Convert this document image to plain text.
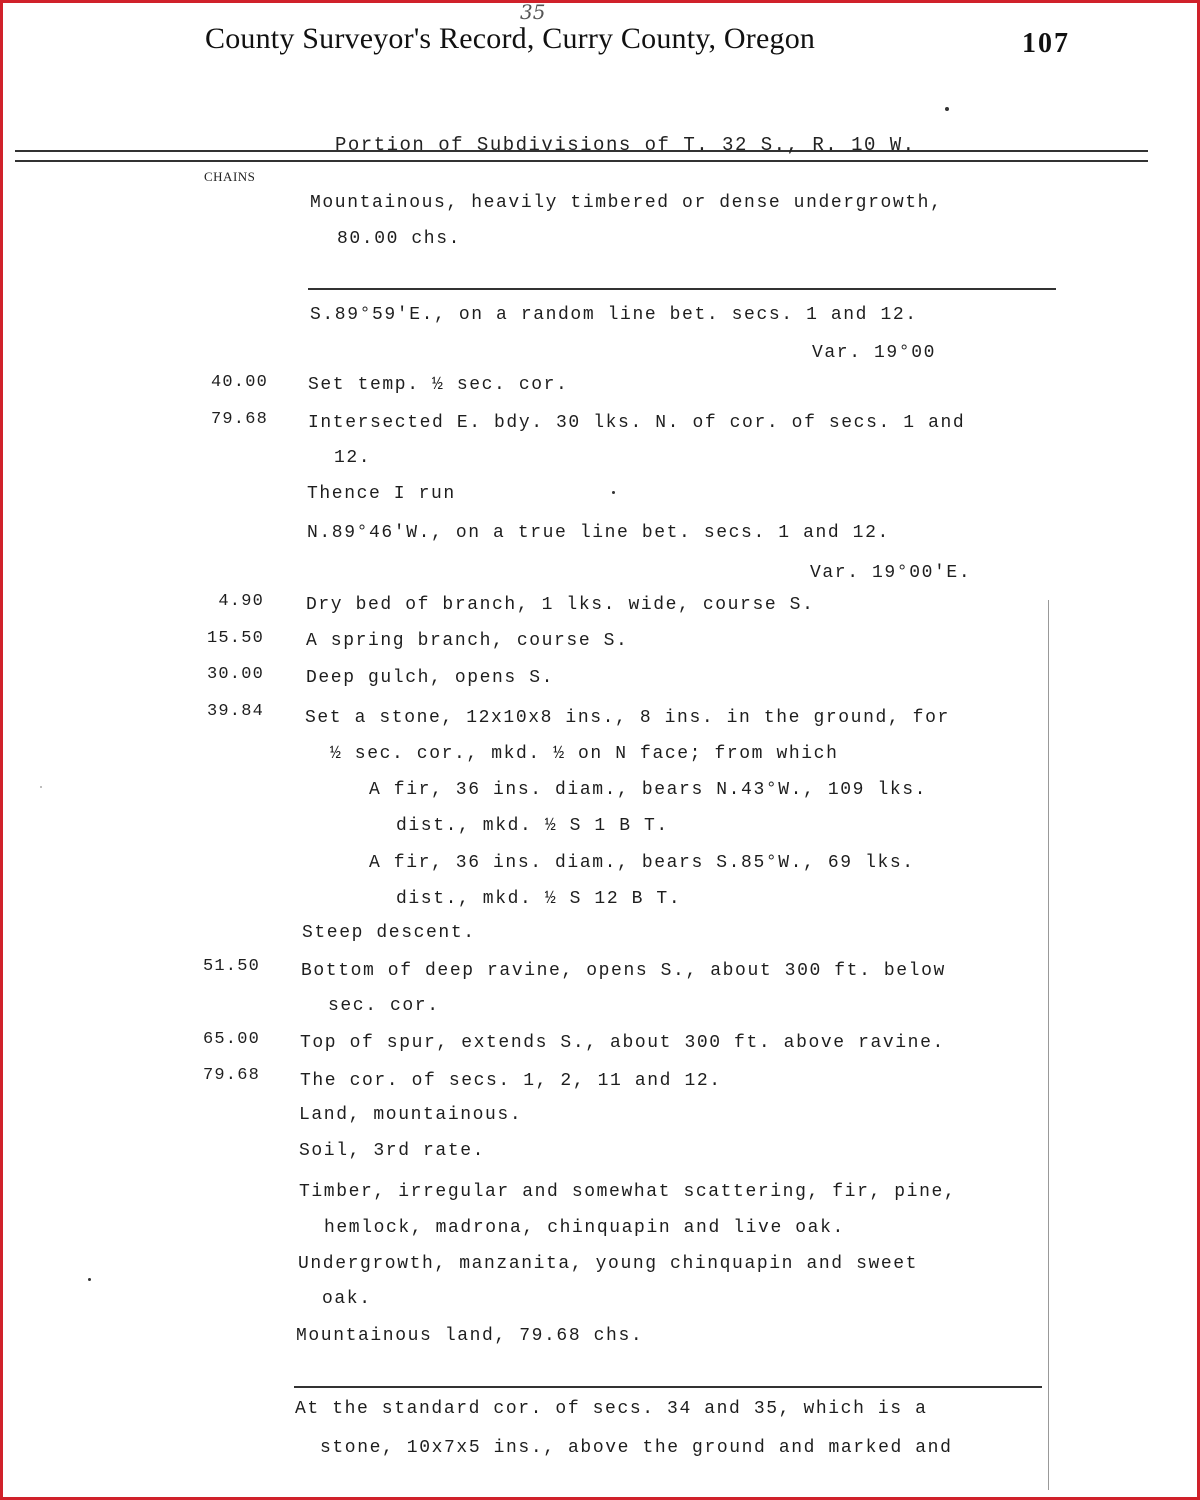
35
County Surveyor's Record, Curry County, Oregon	107
Portion of Subdivisions of T. 32 S., R. 10 W.
CHAINS
Mountainous, heavily timbered or dense undergrowth,
80.00 chs.
S.89°59'E., on a random line bet. secs. 1 and 12.
Var. 19°00
40.00 Set temp. ½ sec. cor.
79.68 Intersected E. bdy. 30 lks. N. of cor. of secs. 1 and
12.
Thence I run
N.89°46'W., on a true line bet. secs. 1 and 12.
Var. 19°00'E.
4.90 Dry bed of branch, 1 lks. wide, course S.
15.50 A spring branch, course S.
30.00 Deep gulch, opens S.
39.84 Set a stone, 12x10x8 ins., 8 ins. in the ground, for
½ sec. cor., mkd. ½ on N face; from which
A fir, 36 ins. diam., bears N.43°W., 109 lks.
dist., mkd. ½ S 1 B T.
A fir, 36 ins. diam., bears S.85°W., 69 lks.
dist., mkd. ½ S 12 B T.
Steep descent.
51.50 Bottom of deep ravine, opens S., about 300 ft. below
sec. cor.
65.00 Top of spur, extends S., about 300 ft. above ravine.
79.68 The cor. of secs. 1, 2, 11 and 12.
Land, mountainous.
Soil, 3rd rate.
Timber, irregular and somewhat scattering, fir, pine,
hemlock, madrona, chinquapin and live oak.
Undergrowth, manzanita, young chinquapin and sweet
oak.
Mountainous land, 79.68 chs.
At the standard cor. of secs. 34 and 35, which is a
stone, 10x7x5 ins., above the ground and marked and
